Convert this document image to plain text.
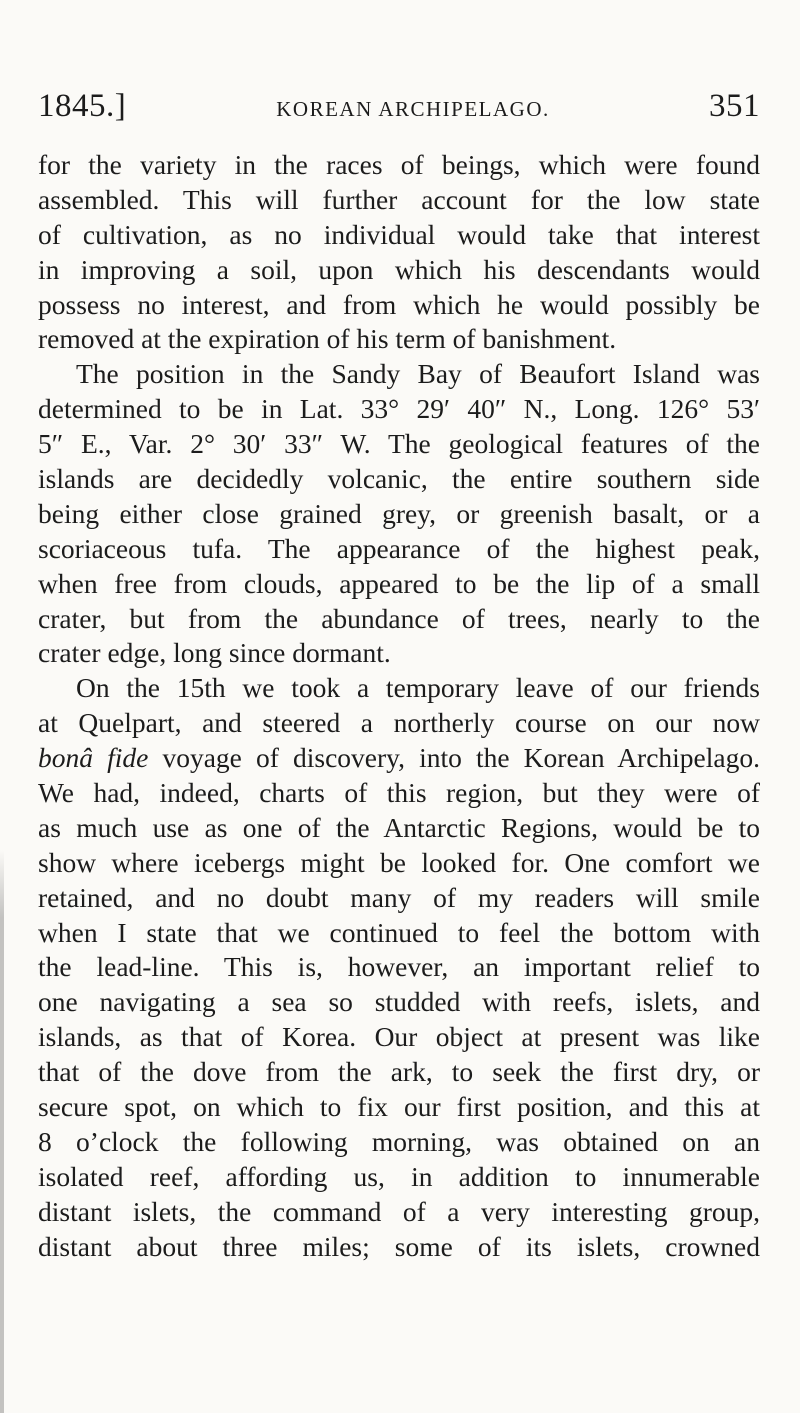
1845.]	KOREAN ARCHIPELAGO.	351
for the variety in the races of beings, which were found
assembled. This will further account for the low state
of cultivation, as no individual would take that interest
in improving a soil, upon which his descendants would
possess no interest, and from which he would possibly be
removed at the expiration of his term of banishment.
The position in the Sandy Bay of Beaufort Island was
determined to be in Lat. 33° 29′ 40″ N., Long. 126° 53′
5″ E., Var. 2° 30′ 33″ W. The geological features of the
islands are decidedly volcanic, the entire southern side
being either close grained grey, or greenish basalt, or a
scoriaceous tufa. The appearance of the highest peak,
when free from clouds, appeared to be the lip of a small
crater, but from the abundance of trees, nearly to the
crater edge, long since dormant.
On the 15th we took a temporary leave of our friends
at Quelpart, and steered a northerly course on our now
bonâ fide voyage of discovery, into the Korean Archipelago.
We had, indeed, charts of this region, but they were of
as much use as one of the Antarctic Regions, would be to
show where icebergs might be looked for. One comfort we
retained, and no doubt many of my readers will smile
when I state that we continued to feel the bottom with
the lead-line. This is, however, an important relief to
one navigating a sea so studded with reefs, islets, and
islands, as that of Korea. Our object at present was like
that of the dove from the ark, to seek the first dry, or
secure spot, on which to fix our first position, and this at
8 o’clock the following morning, was obtained on an
isolated reef, affording us, in addition to innumerable
distant islets, the command of a very interesting group,
distant about three miles; some of its islets, crowned
